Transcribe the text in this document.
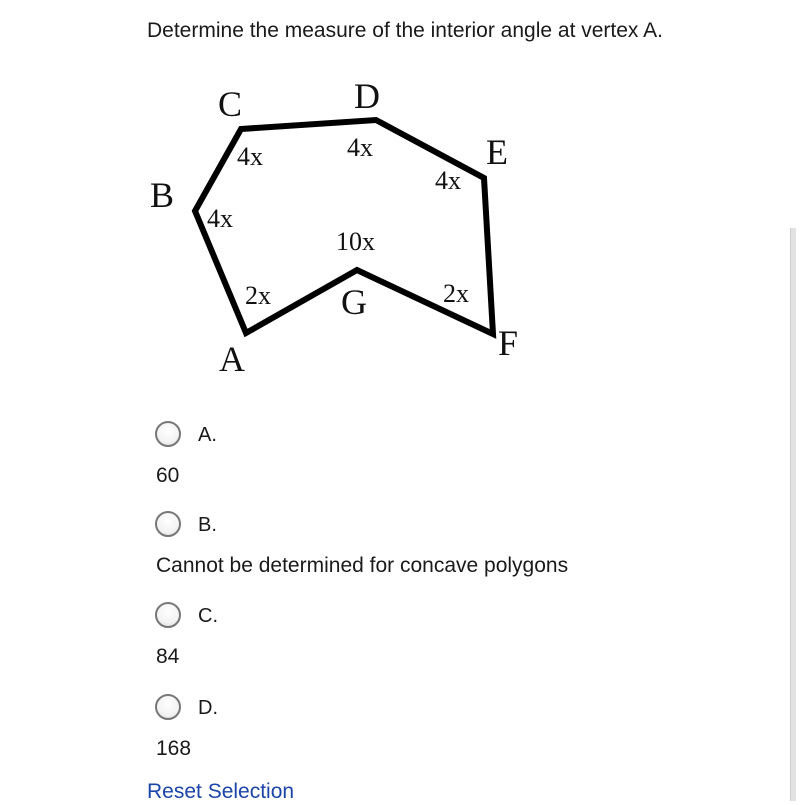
Determine the measure of the interior angle at vertex A.
C	D
E
B
G
F
A
4x	4x
4x
4x
10x
2x	2x
A.
60
B.
Cannot be determined for concave polygons
C.
84
D.
168
Reset Selection
